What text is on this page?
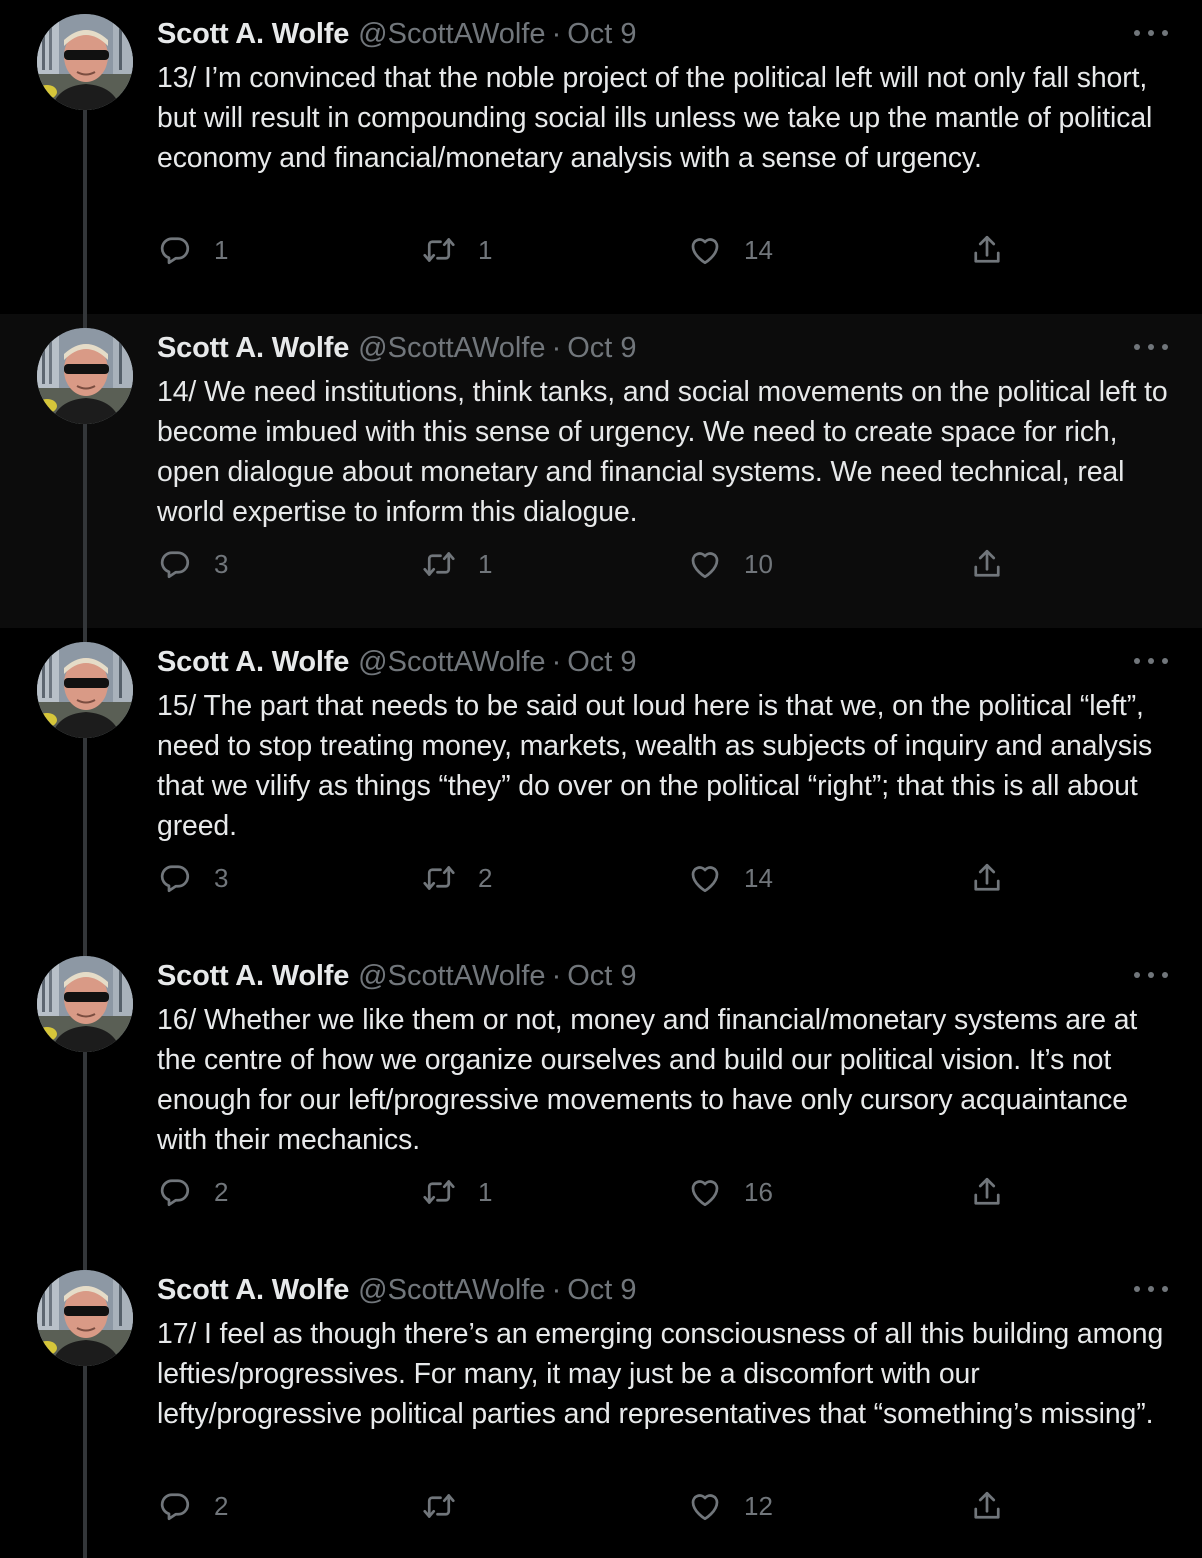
Scott A. Wolfe @ScottAWolfe · Oct 9
13/ I’m convinced that the noble project of the political left will not only fall short, but will result in compounding social ills unless we take up the mantle of political economy and financial/monetary analysis with a sense of urgency.
1	1	14
Scott A. Wolfe @ScottAWolfe · Oct 9
14/ We need institutions, think tanks, and social movements on the political left to become imbued with this sense of urgency. We need to create space for rich, open dialogue about monetary and financial systems. We need technical, real world expertise to inform this dialogue.
3	1	10
Scott A. Wolfe @ScottAWolfe · Oct 9
15/ The part that needs to be said out loud here is that we, on the political “left”, need to stop treating money, markets, wealth as subjects of inquiry and analysis that we vilify as things “they” do over on the political “right”; that this is all about greed.
3	2	14
Scott A. Wolfe @ScottAWolfe · Oct 9
16/ Whether we like them or not, money and financial/monetary systems are at the centre of how we organize ourselves and build our political vision. It’s not enough for our left/progressive movements to have only cursory acquaintance with their mechanics.
2	1	16
Scott A. Wolfe @ScottAWolfe · Oct 9
17/ I feel as though there’s an emerging consciousness of all this building among lefties/progressives. For many, it may just be a discomfort with our lefty/progressive political parties and representatives that “something’s missing”.
2	12
